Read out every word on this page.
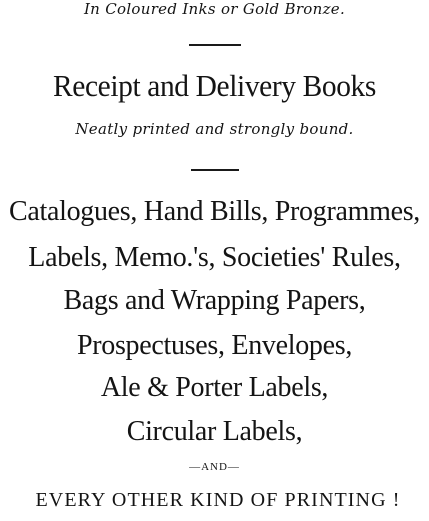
In Coloured Inks or Gold Bronze.
Receipt and Delivery Books
Neatly printed and strongly bound.
Catalogues, Hand Bills, Programmes,
Labels, Memo.'s, Societies' Rules,
Bags and Wrapping Papers,
Prospectuses, Envelopes,
Ale & Porter Labels,
Circular Labels,
—AND—
EVERY OTHER KIND OF PRINTING !
